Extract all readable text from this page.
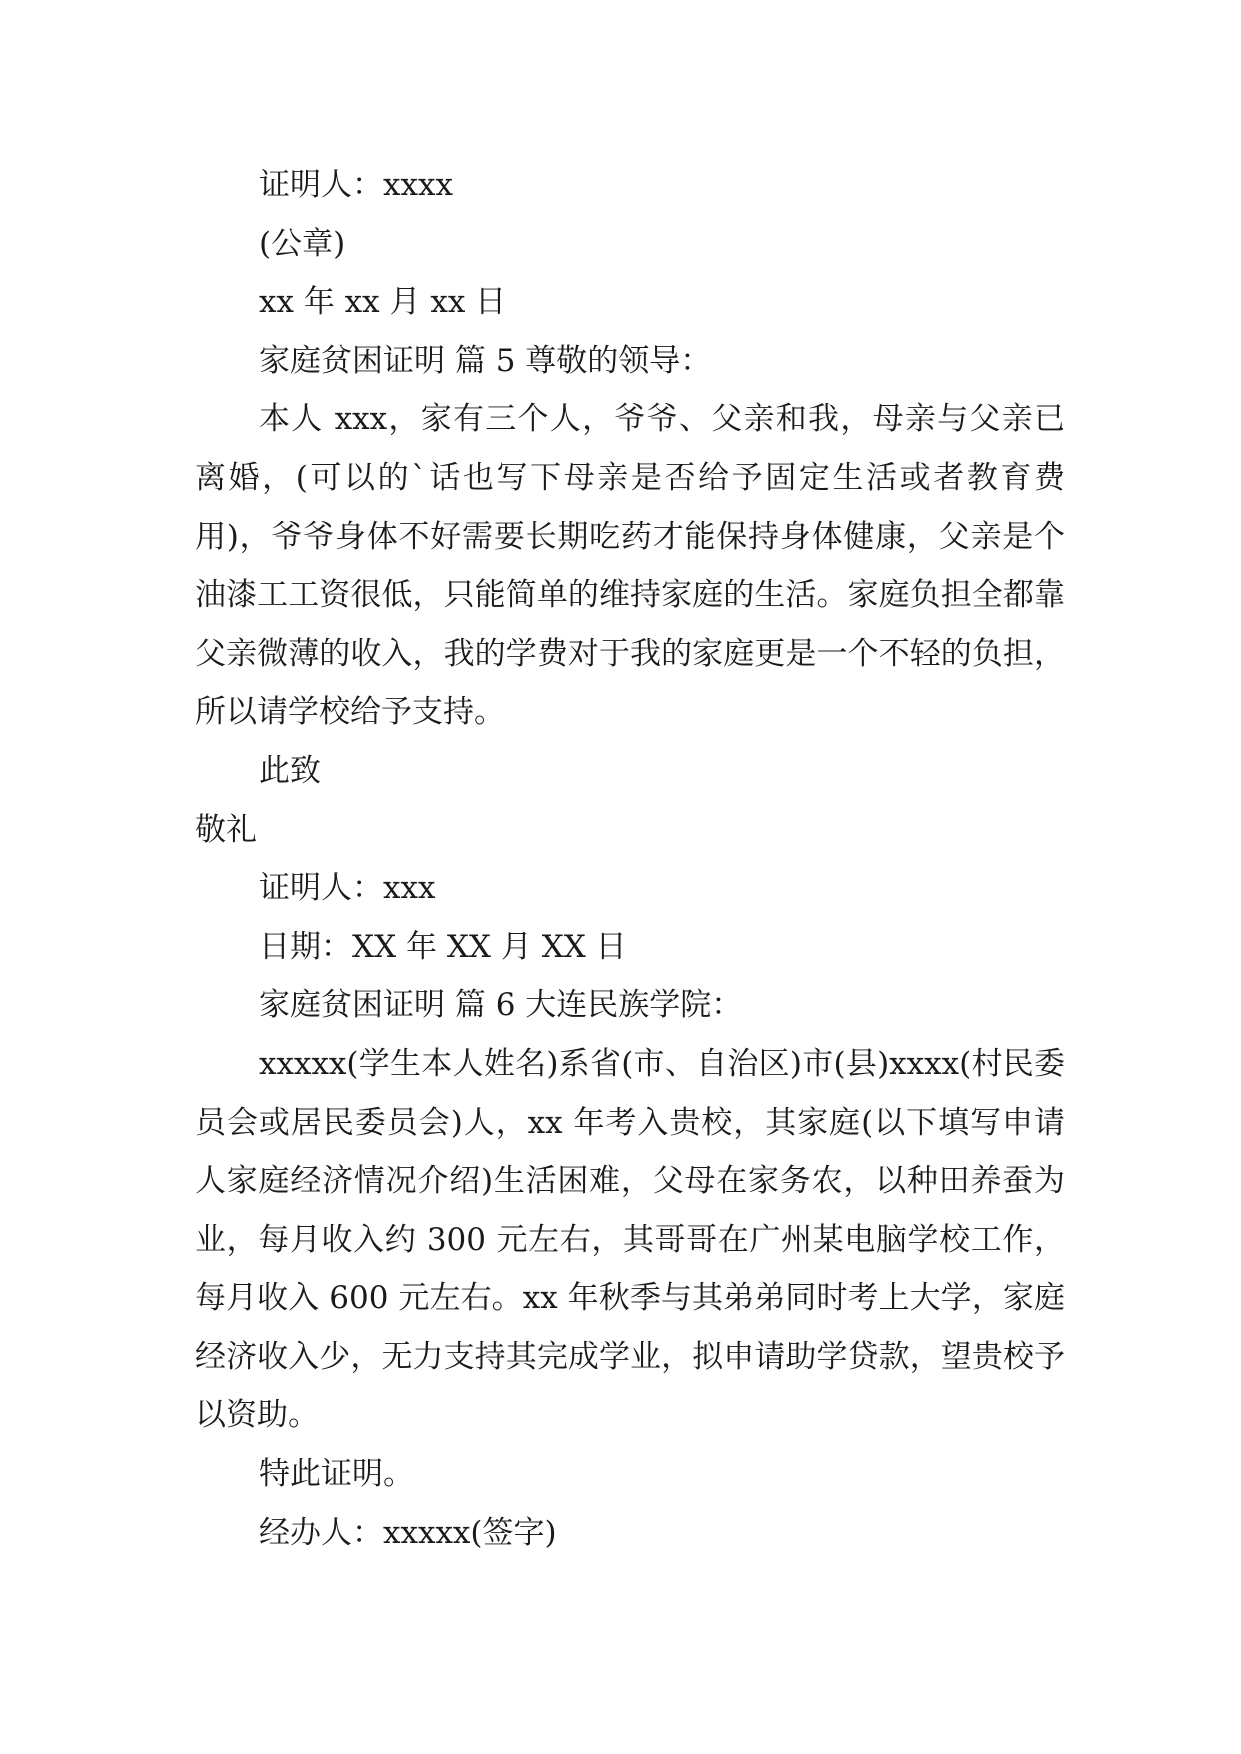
证明人：xxxx

(公章)

xx 年 xx 月 xx 日

家庭贫困证明 篇 5 尊敬的领导：

本人 xxx，家有三个人，爷爷、父亲和我，母亲与父亲已离婚，(可以的`话也写下母亲是否给予固定生活或者教育费用)，爷爷身体不好需要长期吃药才能保持身体健康，父亲是个油漆工工资很低，只能简单的维持家庭的生活。家庭负担全都靠父亲微薄的收入，我的学费对于我的家庭更是一个不轻的负担，所以请学校给予支持。

此致

敬礼

证明人：xxx

日期：XX 年 XX 月 XX 日

家庭贫困证明 篇 6 大连民族学院：

xxxxx(学生本人姓名)系省(市、自治区)市(县)xxxx(村民委员会或居民委员会)人，xx 年考入贵校，其家庭(以下填写申请人家庭经济情况介绍)生活困难，父母在家务农，以种田养蚕为业，每月收入约 300 元左右，其哥哥在广州某电脑学校工作，每月收入 600 元左右。xx 年秋季与其弟弟同时考上大学，家庭经济收入少，无力支持其完成学业，拟申请助学贷款，望贵校予以资助。

特此证明。

经办人：xxxxx(签字)
